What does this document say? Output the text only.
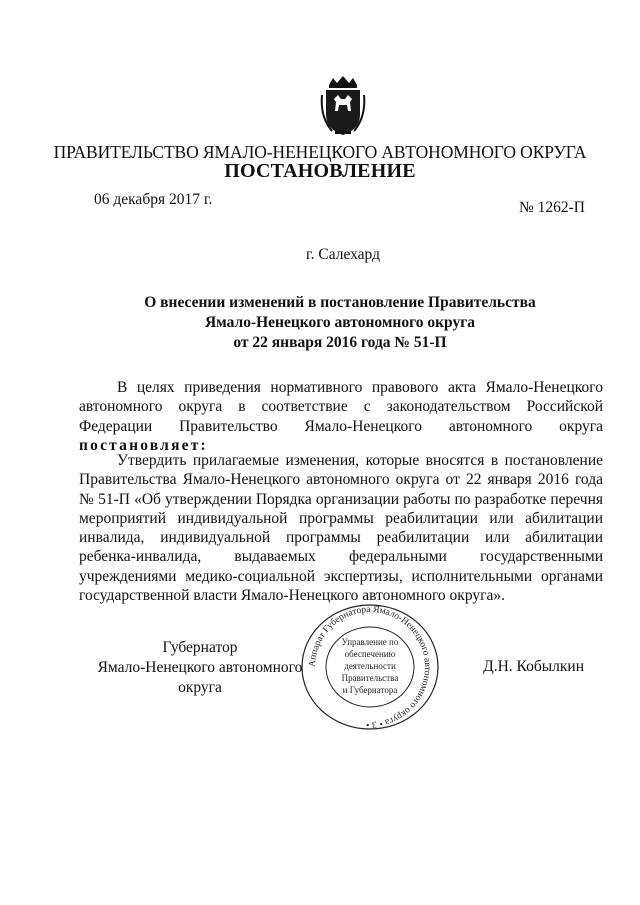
ПРАВИТЕЛЬСТВО ЯМАЛО-НЕНЕЦКОГО АВТОНОМНОГО ОКРУГА
ПОСТАНОВЛЕНИЕ
06 декабря 2017 г.	№ 1262-П
г. Салехард
О внесении изменений в постановление Правительства
Ямало-Ненецкого автономного округа
от 22 января 2016 года № 51-П

В целях приведения нормативного правового акта Ямало-Ненецкого автономного округа в соответствие с законодательством Российской Федерации Правительство Ямало-Ненецкого автономного округа постановляет:

Утвердить прилагаемые изменения, которые вносятся в постановление Правительства Ямало-Ненецкого автономного округа от 22 января 2016 года № 51-П «Об утверждении Порядка организации работы по разработке перечня мероприятий индивидуальной программы реабилитации или абилитации инвалида, индивидуальной программы реабилитации или абилитации ребенка-инвалида, выдаваемых федеральными государственными учреждениями медико-социальной экспертизы, исполнительными органами государственной власти Ямало-Ненецкого автономного округа».

Губернатор
Ямало-Ненецкого автономного округа
Д.Н. Кобылкин
Аппарат Губернатора Ямало-Ненецкого автономного округа • 3 •
Управление по
обеспечению
деятельности
Правительства
и Губернатора
